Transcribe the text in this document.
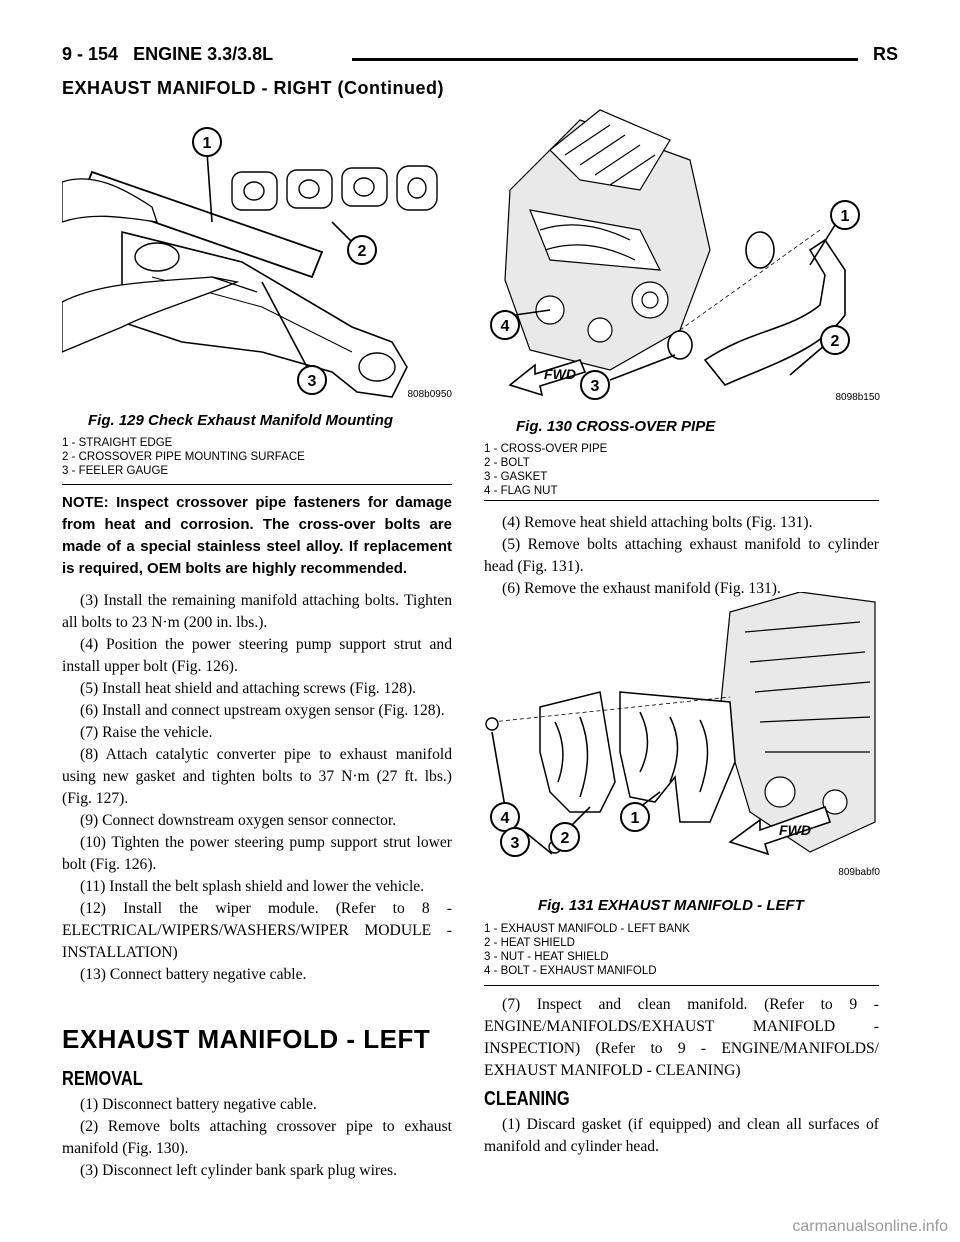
9 - 154 ENGINE 3.3/3.8L	RS
EXHAUST MANIFOLD - RIGHT (Continued)
1
2
3
808b0950
Fig. 129 Check Exhaust Manifold Mounting
1 - STRAIGHT EDGE
2 - CROSSOVER PIPE MOUNTING SURFACE
3 - FEELER GAUGE
FWD
1
2
3
4
8098b150
Fig. 130 CROSS-OVER PIPE
1 - CROSS-OVER PIPE
2 - BOLT
3 - GASKET
4 - FLAG NUT

NOTE: Inspect crossover pipe fasteners for damage from heat and corrosion. The cross-over bolts are made of a special stainless steel alloy. If replacement is required, OEM bolts are highly recommended.

(3) Install the remaining manifold attaching bolts. Tighten all bolts to 23 N·m (200 in. lbs.).

(4) Position the power steering pump support strut and install upper bolt (Fig. 126).

(5) Install heat shield and attaching screws (Fig. 128).

(6) Install and connect upstream oxygen sensor (Fig. 128).

(7) Raise the vehicle.

(8) Attach catalytic converter pipe to exhaust manifold using new gasket and tighten bolts to 37 N·m (27 ft. lbs.) (Fig. 127).

(9) Connect downstream oxygen sensor connector.

(10) Tighten the power steering pump support strut lower bolt (Fig. 126).

(11) Install the belt splash shield and lower the vehicle.

(12) Install the wiper module. (Refer to 8 - ELECTRICAL/WIPERS/WASHERS/WIPER MODULE - INSTALLATION)

(13) Connect battery negative cable.

EXHAUST MANIFOLD - LEFT
REMOVAL

(1) Disconnect battery negative cable.

(2) Remove bolts attaching crossover pipe to exhaust manifold (Fig. 130).

(3) Disconnect left cylinder bank spark plug wires.

(4) Remove heat shield attaching bolts (Fig. 131).

(5) Remove bolts attaching exhaust manifold to cylinder head (Fig. 131).

(6) Remove the exhaust manifold (Fig. 131).

FWD
4
3	2
1
809babf0
Fig. 131 EXHAUST MANIFOLD - LEFT
1 - EXHAUST MANIFOLD - LEFT BANK
2 - HEAT SHIELD
3 - NUT - HEAT SHIELD
4 - BOLT - EXHAUST MANIFOLD

(7) Inspect and clean manifold. (Refer to 9 - ENGINE/MANIFOLDS/EXHAUST MANIFOLD - INSPECTION) (Refer to 9 - ENGINE/MANIFOLDS/ EXHAUST MANIFOLD - CLEANING)

CLEANING

(1) Discard gasket (if equipped) and clean all surfaces of manifold and cylinder head.

carmanualsonline.info
